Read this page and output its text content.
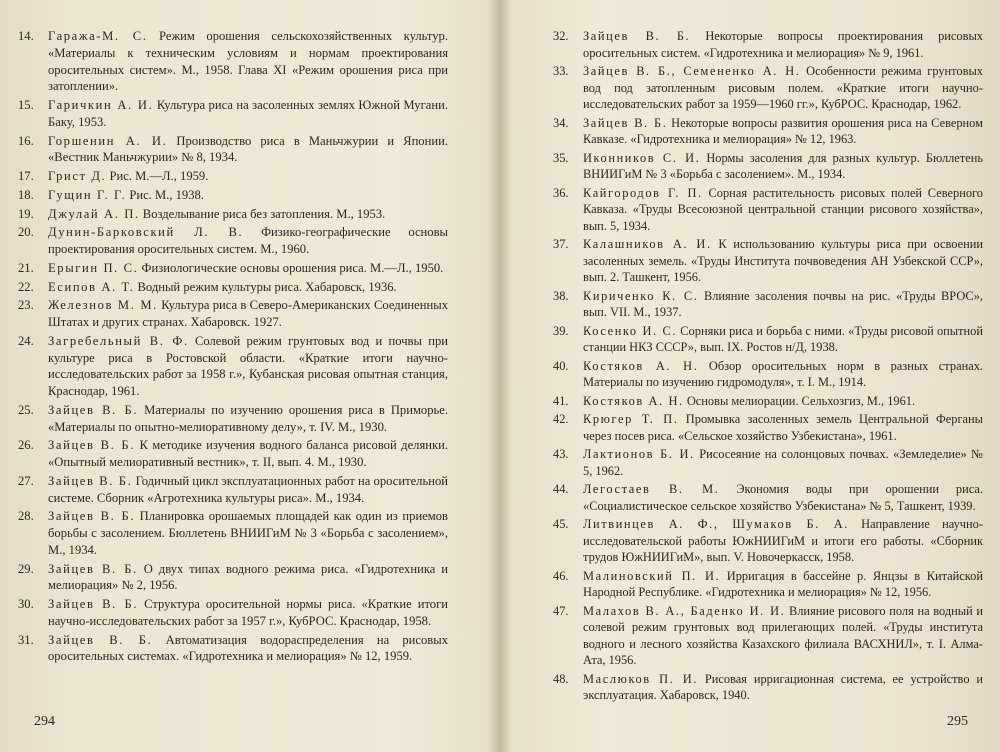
14.	Гаража-М. С. Режим орошения сельскохозяйственных культур. «Материалы к техническим условиям и нормам проектирования оросительных систем». М., 1958. Глава XI «Режим орошения риса при затоплении».
15.	Гаричкин А. И. Культура риса на засоленных землях Южной Мугани. Баку, 1953.
16.	Горшенин А. И. Производство риса в Маньчжурии и Японии. «Вестник Маньчжурии» № 8, 1934.
17.	Грист Д. Рис. М.—Л., 1959.
18.	Гущин Г. Г. Рис. М., 1938.
19.	Джулай А. П. Возделывание риса без затопления. М., 1953.
20.	Дунин-Барковский Л. В. Физико-географические основы проектирования оросительных систем. М., 1960.
21.	Ерыгин П. С. Физиологические основы орошения риса. М.—Л., 1950.
22.	Есипов А. Т. Водный режим культуры риса. Хабаровск, 1936.
23.	Железнов М. М. Культура риса в Северо-Американских Соединенных Штатах и других странах. Хабаровск. 1927.
24.	Загребельный В. Ф. Солевой режим грунтовых вод и почвы при культуре риса в Ростовской области. «Краткие итоги научно-исследовательских работ за 1958 г.», Кубанская рисовая опытная станция, Краснодар, 1961.
25.	Зайцев В. Б. Материалы по изучению орошения риса в Приморье. «Материалы по опытно-мелиоративному делу», т. IV. М., 1930.
26.	Зайцев В. Б. К методике изучения водного баланса рисовой делянки. «Опытный мелиоративный вестник», т. II, вып. 4. М., 1930.
27.	Зайцев В. Б. Годичный цикл эксплуатационных работ на оросительной системе. Сборник «Агротехника культуры риса». М., 1934.
28.	Зайцев В. Б. Планировка орошаемых площадей как один из приемов борьбы с засолением. Бюллетень ВНИИГиМ № 3 «Борьба с засолением», М., 1934.
29.	Зайцев В. Б. О двух типах водного режима риса. «Гидротехника и мелиорация» № 2, 1956.
30.	Зайцев В. Б. Структура оросительной нормы риса. «Краткие итоги научно-исследовательских работ за 1957 г.», КубРОС. Краснодар, 1958.
31.	Зайцев В. Б. Автоматизация водораспределения на рисовых оросительных системах. «Гидротехника и мелиорация» № 12, 1959.
32.	Зайцев В. Б. Некоторые вопросы проектирования рисовых оросительных систем. «Гидротехника и мелиорация» № 9, 1961.
33.	Зайцев В. Б., Семененко А. Н. Особенности режима грунтовых вод под затопленным рисовым полем. «Краткие итоги научно-исследовательских работ за 1959—1960 гг.», КубРОС. Краснодар, 1962.
34.	Зайцев В. Б. Некоторые вопросы развития орошения риса на Северном Кавказе. «Гидротехника и мелиорация» № 12, 1963.
35.	Иконников С. И. Нормы засоления для разных культур. Бюллетень ВНИИГиМ № 3 «Борьба с засолением». М., 1934.
36.	Кайгородов Г. П. Сорная растительность рисовых полей Северного Кавказа. «Труды Всесоюзной центральной станции рисового хозяйства», вып. 5, 1934.
37.	Калашников А. И. К использованию культуры риса при освоении засоленных земель. «Труды Института почвоведения АН Узбекской ССР», вып. 2. Ташкент, 1956.
38.	Кириченко К. С. Влияние засоления почвы на рис. «Труды ВРОС», вып. VII. М., 1937.
39.	Косенко И. С. Сорняки риса и борьба с ними. «Труды рисовой опытной станции НКЗ СССР», вып. IX. Ростов н/Д, 1938.
40.	Костяков А. Н. Обзор оросительных норм в разных странах. Материалы по изучению гидромодуля», т. I. М., 1914.
41.	Костяков А. Н. Основы мелиорации. Сельхозгиз, М., 1961.
42.	Крюгер Т. П. Промывка засоленных земель Центральной Ферганы через посев риса. «Сельское хозяйство Узбекистана», 1961.
43.	Лактионов Б. И. Рисосеяние на солонцовых почвах. «Земледелие» № 5, 1962.
44.	Легостаев В. М. Экономия воды при орошении риса. «Социалистическое сельское хозяйство Узбекистана» № 5, Ташкент, 1939.
45.	Литвинцев А. Ф., Шумаков Б. А. Направление научно-исследовательской работы ЮжНИИГиМ и итоги его работы. «Сборник трудов ЮжНИИГиМ», вып. V. Новочеркасск, 1958.
46.	Малиновский П. И. Ирригация в бассейне р. Янцзы в Китайской Народной Республике. «Гидротехника и мелиорация» № 12, 1956.
47.	Малахов В. А., Баденко И. И. Влияние рисового поля на водный и солевой режим грунтовых вод прилегающих полей. «Труды института водного и лесного хозяйства Казахского филиала ВАСХНИЛ», т. I. Алма-Ата, 1956.
48.	Маслюков П. И. Рисовая ирригационная система, ее устройство и эксплуатация. Хабаровск, 1940.
294	295
